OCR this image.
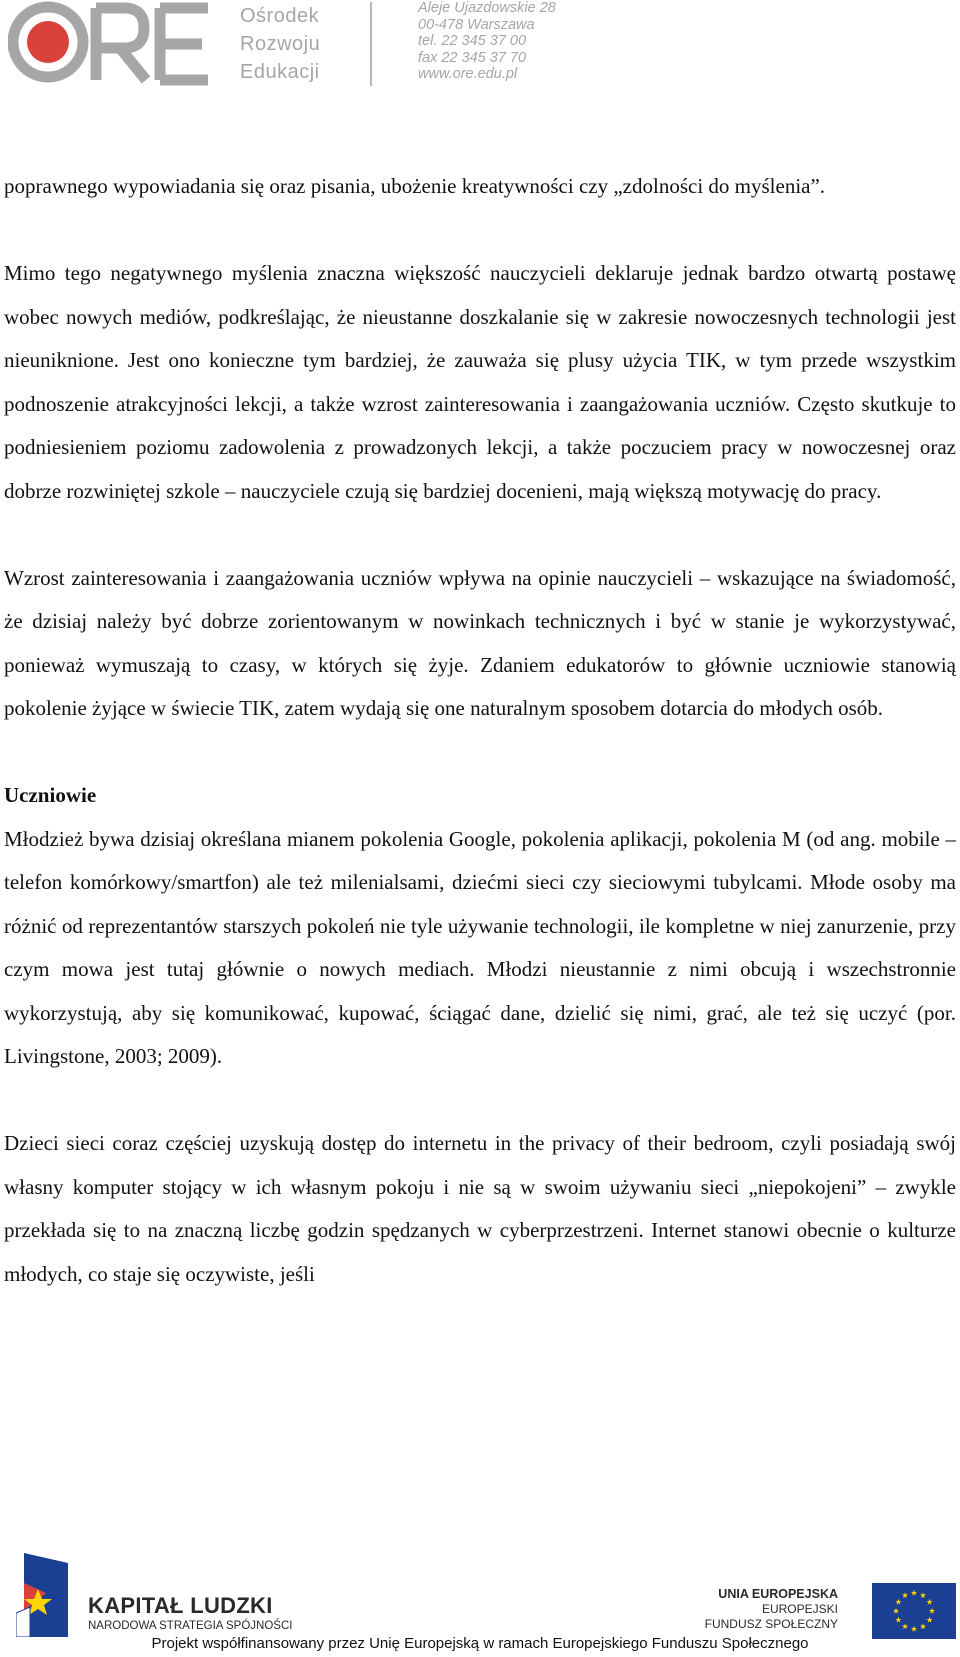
Ośrodek
Rozwoju
Edukacji
Aleje Ujazdowskie 28
00-478 Warszawa
tel. 22 345 37 00
fax 22 345 37 70
www.ore.edu.pl

poprawnego wypowiadania się oraz pisania, ubożenie kreatywności czy „zdolności do myślenia”.

Mimo tego negatywnego myślenia znaczna większość nauczycieli deklaruje jednak bardzo otwartą postawę wobec nowych mediów, podkreślając, że nieustanne doszkalanie się w zakresie nowoczesnych technologii jest nieuniknione. Jest ono konieczne tym bardziej, że zauważa się plusy użycia TIK, w tym przede wszystkim podnoszenie atrakcyjności lekcji, a także wzrost zainteresowania i zaangażowania uczniów. Często skutkuje to podniesieniem poziomu zadowolenia z prowadzonych lekcji, a także poczuciem pracy w nowoczesnej oraz dobrze rozwiniętej szkole – nauczyciele czują się bardziej docenieni, mają większą motywację do pracy.

Wzrost zainteresowania i zaangażowania uczniów wpływa na opinie nauczycieli – wskazujące na świadomość, że dzisiaj należy być dobrze zorientowanym w nowinkach technicznych i być w stanie je wykorzystywać, ponieważ wymuszają to czasy, w których się żyje. Zdaniem edukatorów to głównie uczniowie stanowią pokolenie żyjące w świecie TIK, zatem wydają się one naturalnym sposobem dotarcia do młodych osób.

Uczniowie

Młodzież bywa dzisiaj określana mianem pokolenia Google, pokolenia aplikacji, pokolenia M (od ang. mobile – telefon komórkowy/smartfon) ale też milenialsami, dziećmi sieci czy sieciowymi tubylcami. Młode osoby ma różnić od reprezentantów starszych pokoleń nie tyle używanie technologii, ile kompletne w niej zanurzenie, przy czym mowa jest tutaj głównie o nowych mediach. Młodzi nieustannie z nimi obcują i wszechstronnie wykorzystują, aby się komunikować, kupować, ściągać dane, dzielić się nimi, grać, ale też się uczyć (por. Livingstone, 2003; 2009).

Dzieci sieci coraz częściej uzyskują dostęp do internetu in the privacy of their bedroom, czyli posiadają swój własny komputer stojący w ich własnym pokoju i nie są w swoim używaniu sieci „niepokojeni” – zwykle przekłada się to na znaczną liczbę godzin spędzanych w cyberprzestrzeni. Internet stanowi obecnie o kulturze młodych, co staje się oczywiste, jeśli

KAPITAŁ LUDZKI
NARODOWA STRATEGIA SPÓJNOŚCI
UNIA EUROPEJSKA
EUROPEJSKI
FUNDUSZ SPOŁECZNY
Projekt współfinansowany przez Unię Europejską w ramach Europejskiego Funduszu Społecznego
